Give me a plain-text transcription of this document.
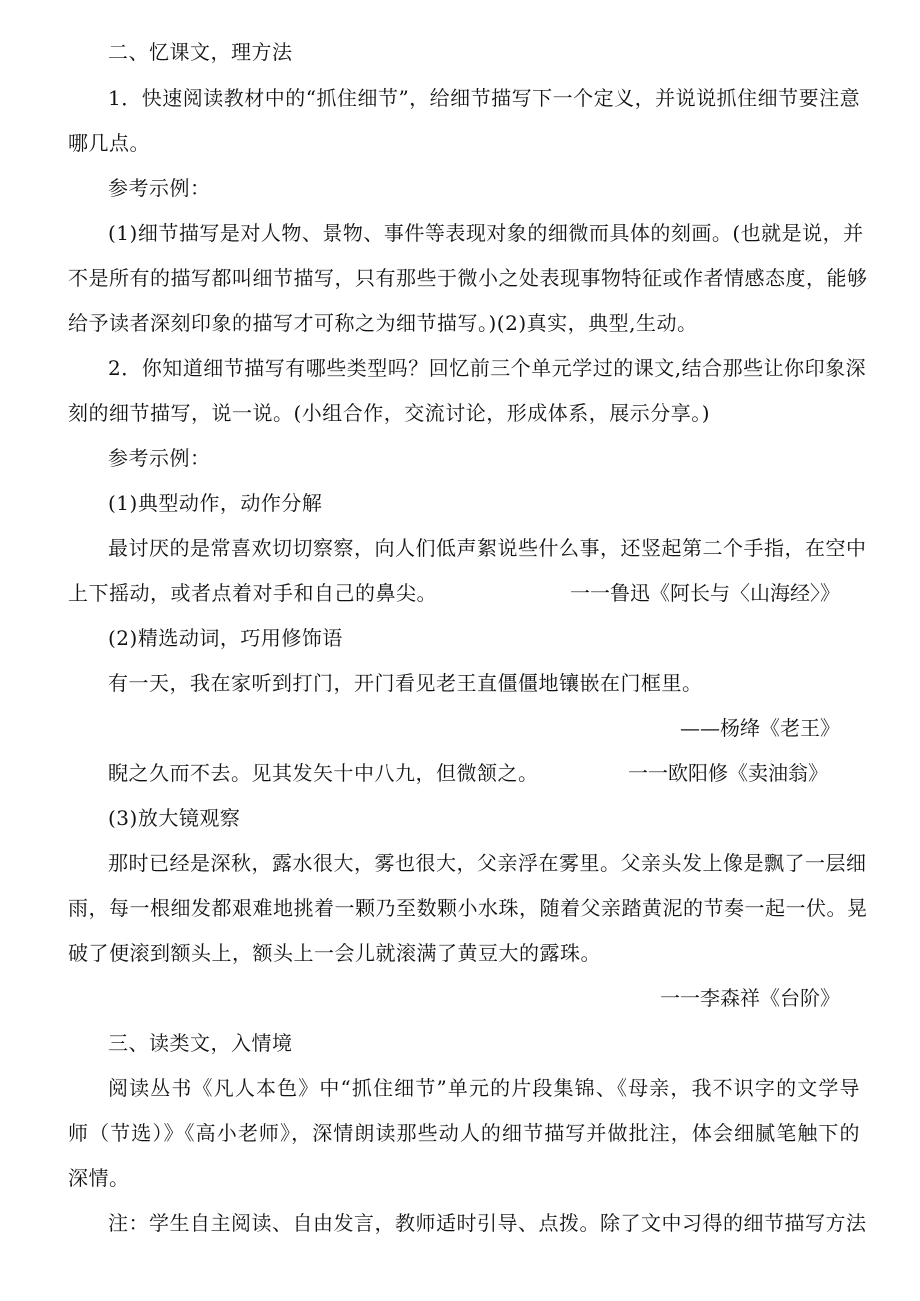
二、忆课文，理方法
1．快速阅读教材中的“抓住细节”，给细节描写下一个定义，并说说抓住细节要注意
哪几点。
参考示例：
(1)细节描写是对人物、景物、事件等表现对象的细微而具体的刻画。(也就是说，并
不是所有的描写都叫细节描写，只有那些于微小之处表现事物特征或作者情感态度，能够
给予读者深刻印象的描写才可称之为细节描写。)(2)真实，典型,生动。
2．你知道细节描写有哪些类型吗？回忆前三个单元学过的课文,结合那些让你印象深
刻的细节描写，说一说。(小组合作，交流讨论，形成体系，展示分享。)
参考示例：
(1)典型动作，动作分解
最讨厌的是常喜欢切切察察，向人们低声絮说些什么事，还竖起第二个手指，在空中
上下摇动，或者点着对手和自己的鼻尖。	一一鲁迅《阿长与〈山海经〉》
(2)精选动词，巧用修饰语
有一天，我在家听到打门，开门看见老王直僵僵地镶嵌在门框里。
——杨绛《老王》
睨之久而不去。见其发矢十中八九，但微颔之。	一一欧阳修《卖油翁》
(3)放大镜观察
那时已经是深秋，露水很大，雾也很大，父亲浮在雾里。父亲头发上像是飘了一层细
雨，每一根细发都艰难地挑着一颗乃至数颗小水珠，随着父亲踏黄泥的节奏一起一伏。晃
破了便滚到额头上，额头上一会儿就滚满了黄豆大的露珠。
一一李森祥《台阶》
三、读类文，入情境
阅读丛书《凡人本色》中“抓住细节”单元的片段集锦、《母亲，我不识字的文学导
师（节选）》《高小老师》，深情朗读那些动人的细节描写并做批注，体会细腻笔触下的
深情。
注：学生自主阅读、自由发言，教师适时引导、点拨。除了文中习得的细节描写方法
